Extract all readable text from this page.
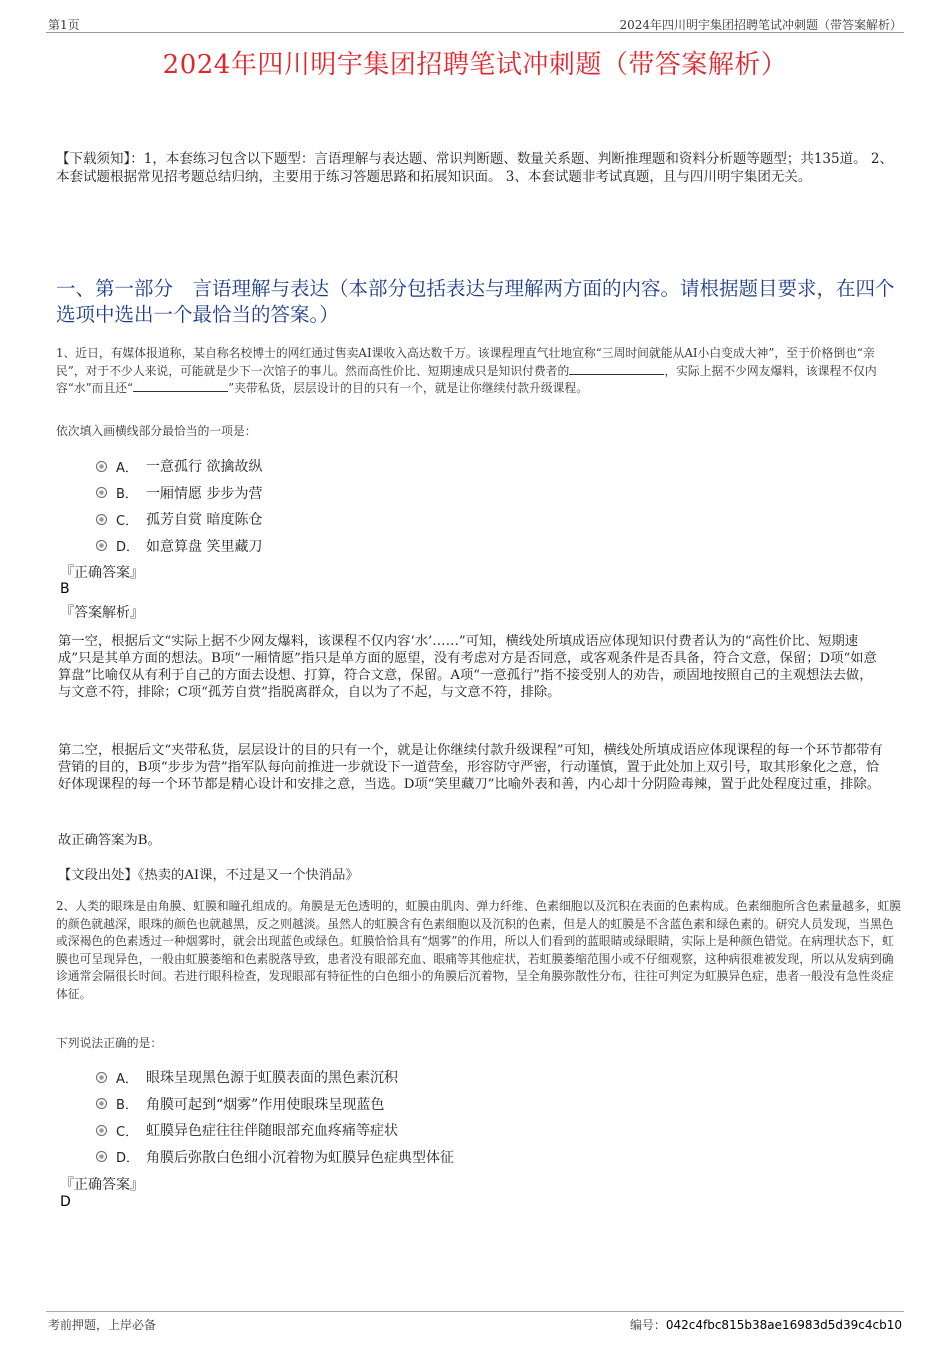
第1页	2024年四川明宇集团招聘笔试冲刺题（带答案解析）
2024年四川明宇集团招聘笔试冲刺题（带答案解析）
【下载须知】：1，本套练习包含以下题型：言语理解与表达题、常识判断题、数量关系题、判断推理题和资料分析题等题型；共135道。 2、本套试题根据常见招考题总结归纳，主要用于练习答题思路和拓展知识面。 3、本套试题非考试真题，且与四川明宇集团无关。
一、第一部分　言语理解与表达（本部分包括表达与理解两方面的内容。请根据题目要求，在四个选项中选出一个最恰当的答案。）
1、近日，有媒体报道称，某自称名校博士的网红通过售卖AI课收入高达数千万。该课程理直气壮地宣称“三周时间就能从AI小白变成大神”，至于价格倒也“亲民”，对于不少人来说，可能就是少下一次馆子的事儿。然而高性价比、短期速成只是知识付费者的	，实际上据不少网友爆料，该课程不仅内容“水”而且还“	”夹带私货，层层设计的目的只有一个，就是让你继续付款升级课程。
依次填入画横线部分最恰当的一项是：
A． 一意孤行 欲擒故纵
B． 一厢情愿 步步为营
C． 孤芳自赏 暗度陈仓
D． 如意算盘 笑里藏刀
『正确答案』
B
『答案解析』
第一空，根据后文“实际上据不少网友爆料，该课程不仅内容‘水’……”可知，横线处所填成语应体现知识付费者认为的“高性价比、短期速成”只是其单方面的想法。B项“一厢情愿”指只是单方面的愿望，没有考虑对方是否同意，或客观条件是否具备，符合文意，保留；D项“如意算盘”比喻仅从有利于自己的方面去设想、打算，符合文意，保留。A项“一意孤行”指不接受别人的劝告，顽固地按照自己的主观想法去做，与文意不符，排除；C项“孤芳自赏”指脱离群众，自以为了不起，与文意不符，排除。
第二空，根据后文“夹带私货，层层设计的目的只有一个，就是让你继续付款升级课程”可知，横线处所填成语应体现课程的每一个环节都带有营销的目的，B项“步步为营”指军队每向前推进一步就设下一道营垒，形容防守严密，行动谨慎，置于此处加上双引号，取其形象化之意，恰好体现课程的每一个环节都是精心设计和安排之意，当选。D项“笑里藏刀”比喻外表和善，内心却十分阴险毒辣，置于此处程度过重，排除。
故正确答案为B。
【文段出处】《热卖的AI课，不过是又一个快消品》
2、人类的眼珠是由角膜、虹膜和瞳孔组成的。角膜是无色透明的，虹膜由肌肉、弹力纤维、色素细胞以及沉积在表面的色素构成。色素细胞所含色素量越多，虹膜的颜色就越深，眼珠的颜色也就越黑，反之则越淡。虽然人的虹膜含有色素细胞以及沉积的色素，但是人的虹膜是不含蓝色素和绿色素的。研究人员发现，当黑色或深褐色的色素透过一种烟雾时，就会出现蓝色或绿色。虹膜恰恰具有“烟雾”的作用，所以人们看到的蓝眼睛或绿眼睛，实际上是种颜色错觉。在病理状态下，虹膜也可呈现异色，一般由虹膜萎缩和色素脱落导致，患者没有眼部充血、眼痛等其他症状，若虹膜萎缩范围小或不仔细观察，这种病很难被发现，所以从发病到确诊通常会隔很长时间。若进行眼科检查，发现眼部有特征性的白色细小的角膜后沉着物，呈全角膜弥散性分布，往往可判定为虹膜异色症，患者一般没有急性炎症体征。
下列说法正确的是：
A． 眼珠呈现黑色源于虹膜表面的黑色素沉积
B． 角膜可起到“烟雾”作用使眼珠呈现蓝色
C． 虹膜异色症往往伴随眼部充血疼痛等症状
D． 角膜后弥散白色细小沉着物为虹膜异色症典型体征
『正确答案』
D
考前押题，上岸必备	编号：042c4fbc815b38ae16983d5d39c4cb10
